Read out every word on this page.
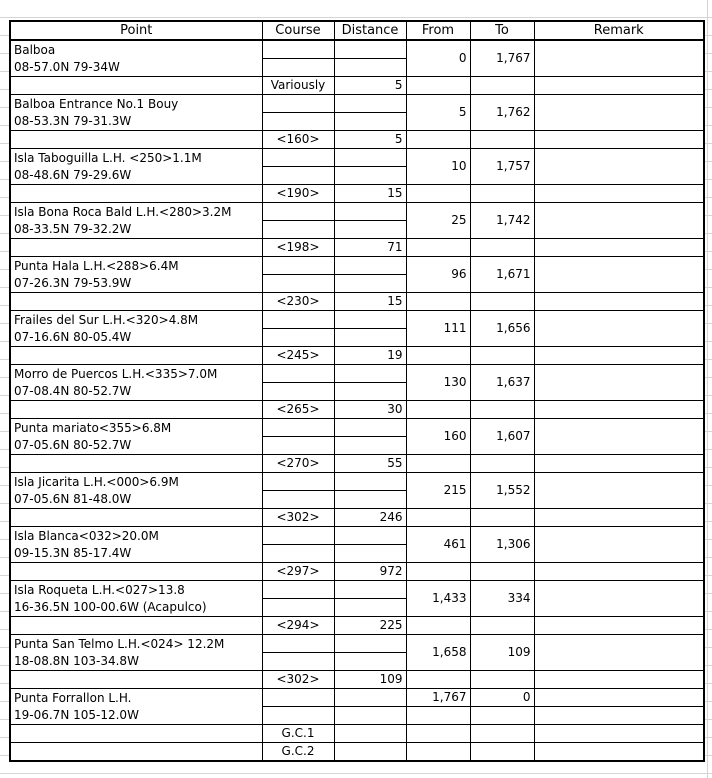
Point	Course	Distance	From	To	Remark

Balboa
08-57.0N 79-34W			0	1,767	

	Variously	5			

Balboa Entrance No.1 Bouy
08-53.3N 79-31.3W			5	1,762	

	<160>	5			

Isla Taboguilla L.H. <250>1.1M
08-48.6N 79-29.6W			10	1,757	

	<190>	15			

Isla Bona Roca Bald L.H.<280>3.2M
08-33.5N 79-32.2W			25	1,742	

	<198>	71			

Punta Hala L.H.<288>6.4M
07-26.3N 79-53.9W			96	1,671	

	<230>	15			

Frailes del Sur L.H.<320>4.8M
07-16.6N 80-05.4W			111	1,656	

	<245>	19			

Morro de Puercos L.H.<335>7.0M
07-08.4N 80-52.7W			130	1,637	

	<265>	30			

Punta mariato<355>6.8M
07-05.6N 80-52.7W			160	1,607	

	<270>	55			

Isla Jicarita L.H.<000>6.9M
07-05.6N 81-48.0W			215	1,552	

	<302>	246			

Isla Blanca<032>20.0M
09-15.3N 85-17.4W			461	1,306	

	<297>	972			

Isla Roqueta L.H.<027>13.8
16-36.5N 100-00.6W (Acapulco)			1,433	334	

	<294>	225			

Punta San Telmo L.H.<024> 12.2M
18-08.8N 103-34.8W			1,658	109	

	<302>	109			

Punta Forrallon L.H.
19-06.7N 105-12.0W			1,767	0	

	G.C.1				
	G.C.2				
